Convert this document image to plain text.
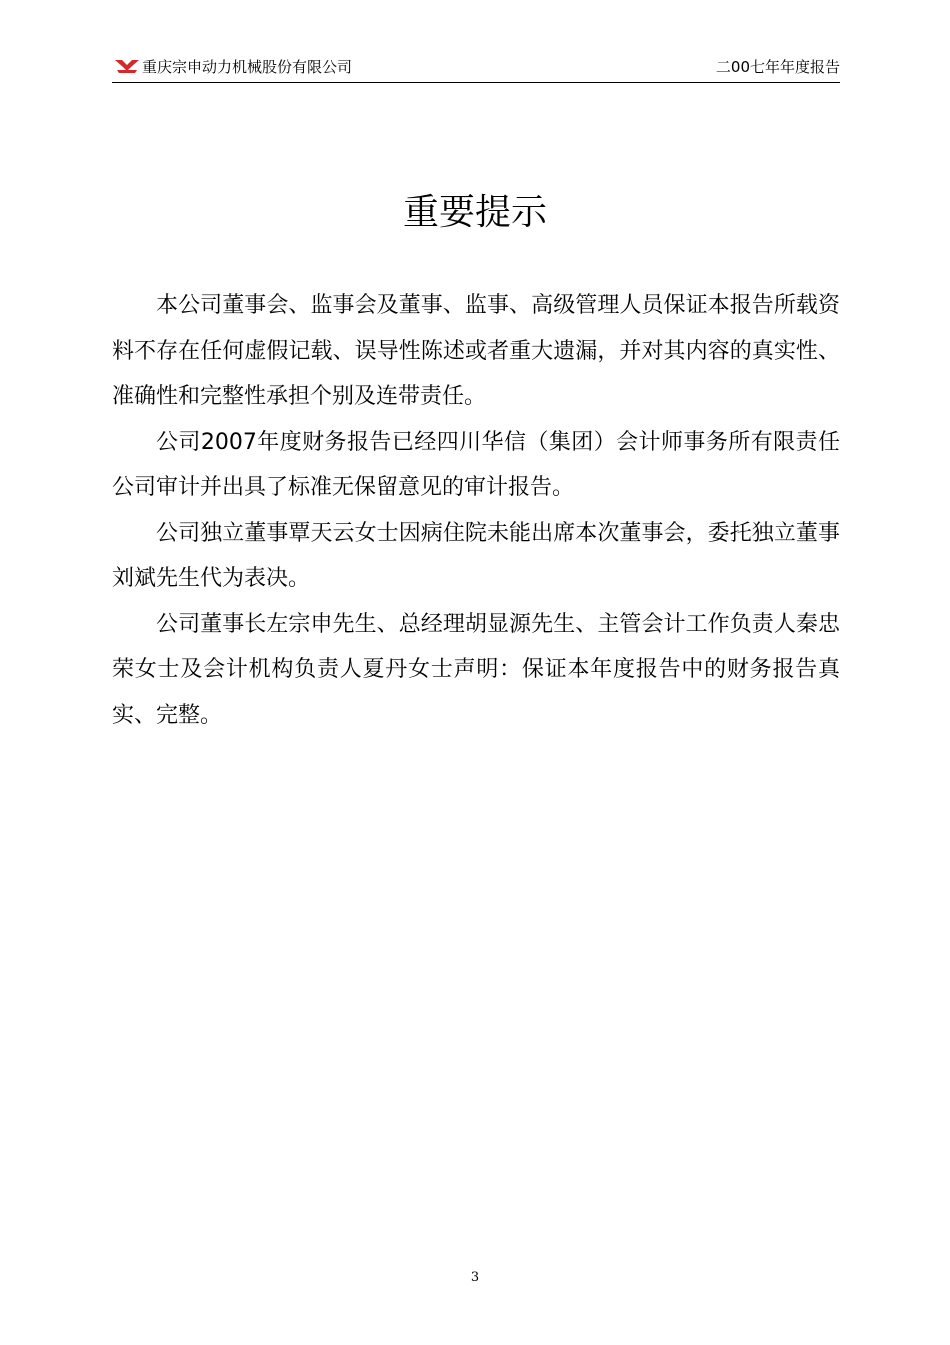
重庆宗申动力机械股份有限公司	二00七年年度报告
重要提示

本公司董事会、监事会及董事、监事、高级管理人员保证本报告所载资料不存在任何虚假记载、误导性陈述或者重大遗漏，并对其内容的真实性、准确性和完整性承担个别及连带责任。

公司2007年度财务报告已经四川华信（集团）会计师事务所有限责任公司审计并出具了标准无保留意见的审计报告。

公司独立董事覃天云女士因病住院未能出席本次董事会，委托独立董事刘斌先生代为表决。

公司董事长左宗申先生、总经理胡显源先生、主管会计工作负责人秦忠荣女士及会计机构负责人夏丹女士声明：保证本年度报告中的财务报告真实、完整。

3
